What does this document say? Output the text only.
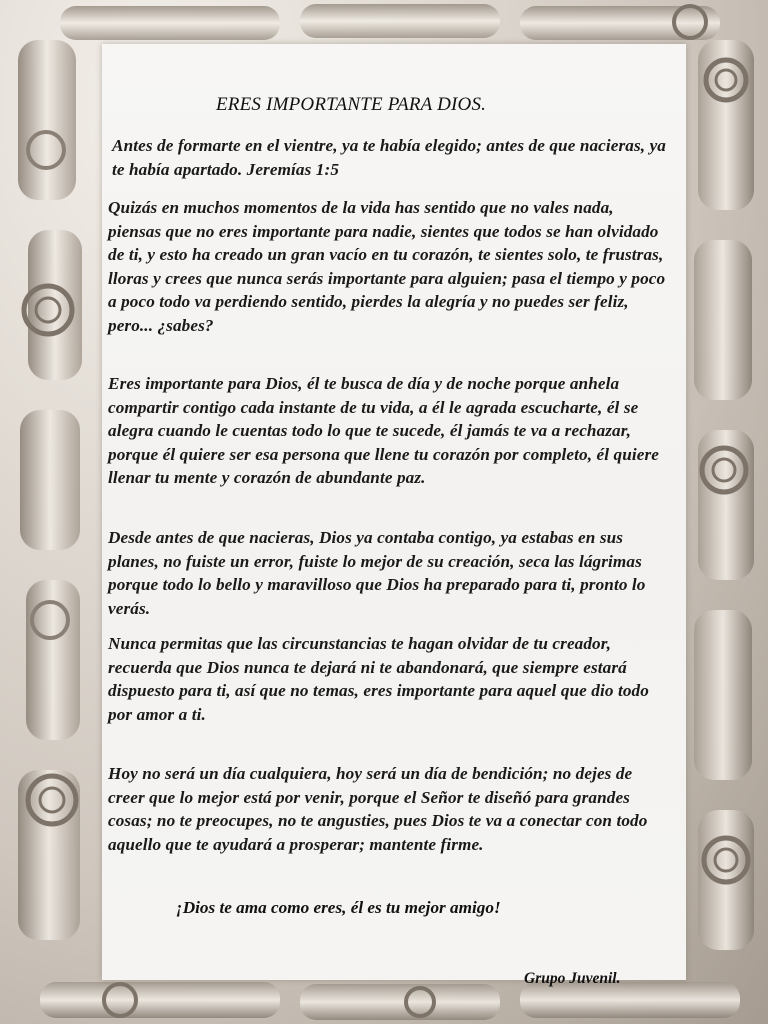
ERES IMPORTANTE PARA DIOS.

Antes de formarte en el vientre, ya te había elegido; antes de que nacieras, ya te había apartado. Jeremías 1:5

Quizás en muchos momentos de la vida has sentido que no vales nada, piensas que no eres importante para nadie, sientes que todos se han olvidado de ti, y esto ha creado un gran vacío en tu corazón, te sientes solo, te frustras, lloras y crees que nunca serás importante para alguien; pasa el tiempo y poco a poco todo va perdiendo sentido, pierdes la alegría y no puedes ser feliz, pero... ¿sabes?

Eres importante para Dios, él te busca de día y de noche porque anhela compartir contigo cada instante de tu vida, a él le agrada escucharte, él se alegra cuando le cuentas todo lo que te sucede, él jamás te va a rechazar, porque él quiere ser esa persona que llene tu corazón por completo, él quiere llenar tu mente y corazón de abundante paz.

Desde antes de que nacieras, Dios ya contaba contigo, ya estabas en sus planes, no fuiste un error, fuiste lo mejor de su creación, seca las lágrimas porque todo lo bello y maravilloso que Dios ha preparado para ti, pronto lo verás.

Nunca permitas que las circunstancias te hagan olvidar de tu creador, recuerda que Dios nunca te dejará ni te abandonará, que siempre estará dispuesto para ti, así que no temas, eres importante para aquel que dio todo por amor a ti.

Hoy no será un día cualquiera, hoy será un día de bendición; no dejes de creer que lo mejor está por venir, porque el Señor te diseñó para grandes cosas; no te preocupes, no te angusties, pues Dios te va a conectar con todo aquello que te ayudará a prosperar; mantente firme.

¡Dios te ama como eres, él es tu mejor amigo!
Grupo Juvenil.
